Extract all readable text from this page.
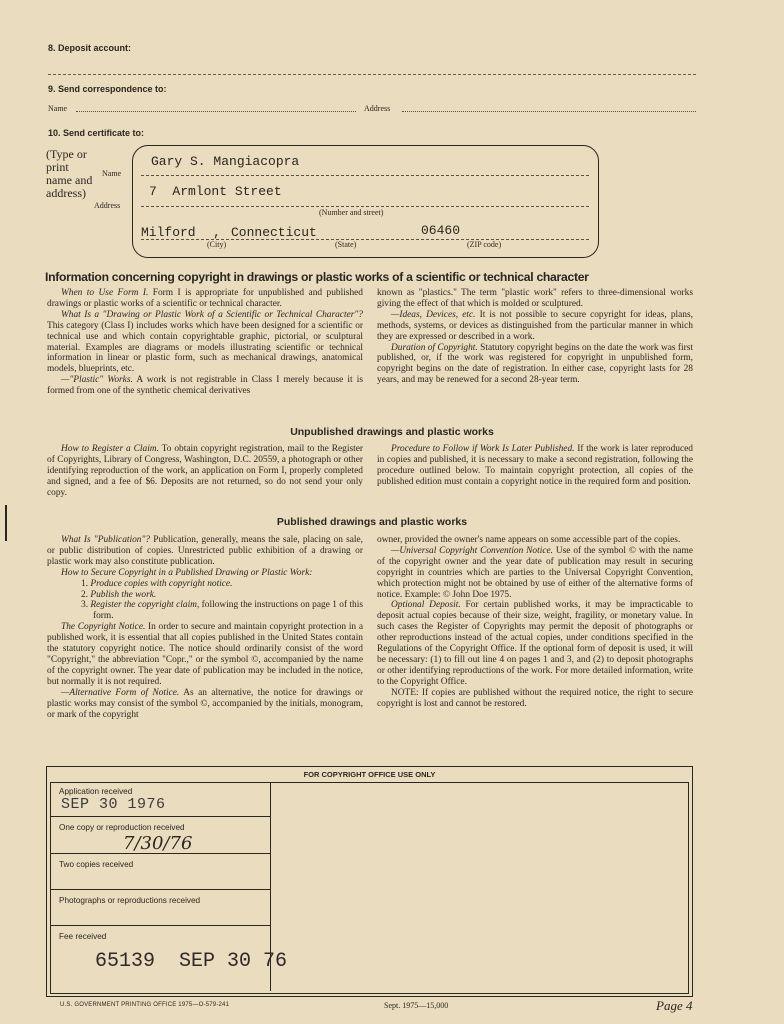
8. Deposit account:
9. Send correspondence to:
Name	Address
10. Send certificate to:
(Type or
print
name and
address)
Name
Address
Gary S. Mangiacopra
7  Armlont Street
(Number and street)
Milford , Connecticut	06460
(City)	(State)	(ZIP code)
Information concerning copyright in drawings or plastic works of a scientific or technical character

When to Use Form I. Form I is appropriate for unpublished and published drawings or plastic works of a scientific or technical character.

What Is a "Drawing or Plastic Work of a Scientific or Technical Character"? This category (Class I) includes works which have been designed for a scientific or technical use and which contain copyrightable graphic, pictorial, or sculptural material. Examples are diagrams or models illustrating scientific or technical information in linear or plastic form, such as mechanical drawings, anatomical models, blueprints, etc.

—"Plastic" Works. A work is not registrable in Class I merely because it is formed from one of the synthetic chemical derivatives

known as "plastics." The term "plastic work" refers to three-dimensional works giving the effect of that which is molded or sculptured.

—Ideas, Devices, etc. It is not possible to secure copyright for ideas, plans, methods, systems, or devices as distinguished from the particular manner in which they are expressed or described in a work.

Duration of Copyright. Statutory copyright begins on the date the work was first published, or, if the work was registered for copyright in unpublished form, copyright begins on the date of registration. In either case, copyright lasts for 28 years, and may be renewed for a second 28-year term.

Unpublished drawings and plastic works

How to Register a Claim. To obtain copyright registration, mail to the Register of Copyrights, Library of Congress, Washington, D.C. 20559, a photograph or other identifying reproduction of the work, an application on Form I, properly completed and signed, and a fee of $6. Deposits are not returned, so do not send your only copy.

Procedure to Follow if Work Is Later Published. If the work is later reproduced in copies and published, it is necessary to make a second registration, following the procedure outlined below. To maintain copyright protection, all copies of the published edition must contain a copyright notice in the required form and position.

Published drawings and plastic works

What Is "Publication"? Publication, generally, means the sale, placing on sale, or public distribution of copies. Unrestricted public exhibition of a drawing or plastic work may also constitute publication.

How to Secure Copyright in a Published Drawing or Plastic Work:

1. Produce copies with copyright notice.

2. Publish the work.

3. Register the copyright claim, following the instructions on page 1 of this form.

The Copyright Notice. In order to secure and maintain copyright protection in a published work, it is essential that all copies published in the United States contain the statutory copyright notice. The notice should ordinarily consist of the word "Copyright," the abbreviation "Copr.," or the symbol ©, accompanied by the name of the copyright owner. The year date of publication may be included in the notice, but normally it is not required.

—Alternative Form of Notice. As an alternative, the notice for drawings or plastic works may consist of the symbol ©, accompanied by the initials, monogram, or mark of the copyright

owner, provided the owner's name appears on some accessible part of the copies.

—Universal Copyright Convention Notice. Use of the symbol © with the name of the copyright owner and the year date of publication may result in securing copyright in countries which are parties to the Universal Copyright Convention, which protection might not be obtained by use of either of the alternative forms of notice. Example: © John Doe 1975.

Optional Deposit. For certain published works, it may be impracticable to deposit actual copies because of their size, weight, fragility, or monetary value. In such cases the Register of Copyrights may permit the deposit of photographs or other reproductions instead of the actual copies, under conditions specified in the Regulations of the Copyright Office. If the optional form of deposit is used, it will be necessary: (1) to fill out line 4 on pages 1 and 3, and (2) to deposit photographs or other identifying reproductions of the work. For more detailed information, write to the Copyright Office.

NOTE: If copies are published without the required notice, the right to secure copyright is lost and cannot be restored.

FOR COPYRIGHT OFFICE USE ONLY
Application received
SEP 30 1976
One copy or reproduction received
7/30/76
Two copies received
Photographs or reproductions received
Fee received
65139  SEP 30 76
U.S. GOVERNMENT PRINTING OFFICE 1975—O-579-241	Sept. 1975—15,000	Page 4
